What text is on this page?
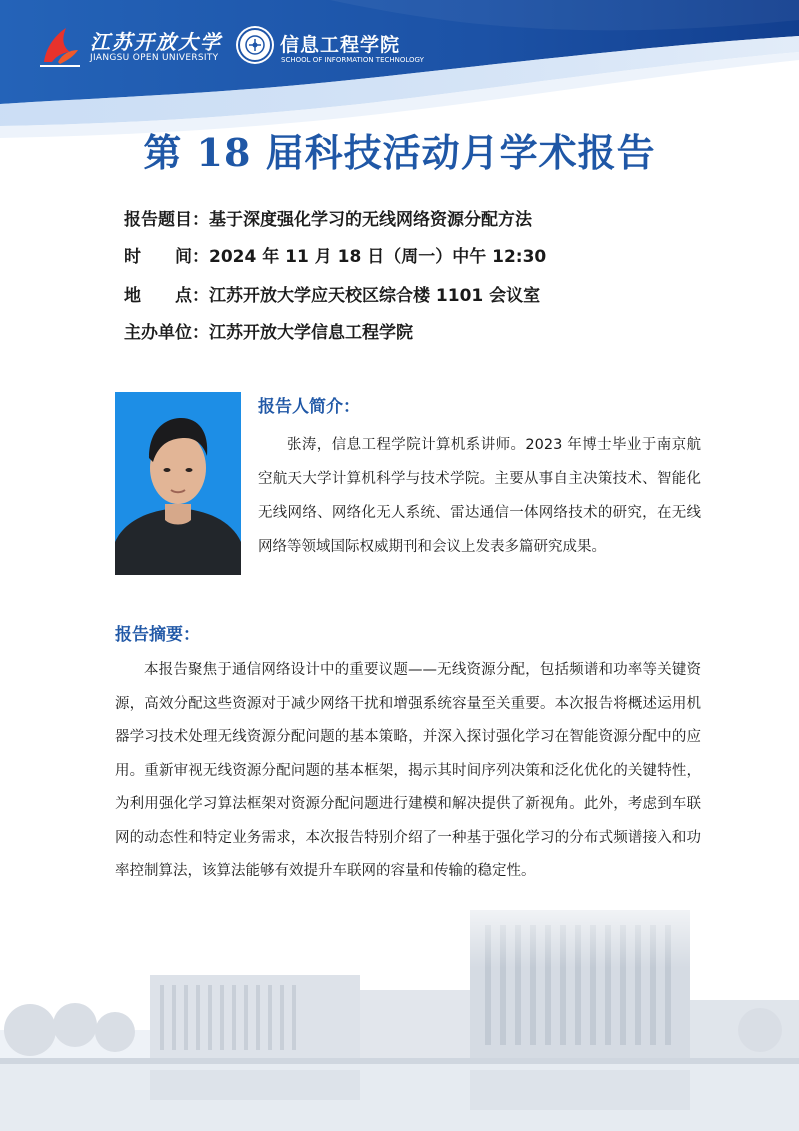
江苏开放大学
JIANGSU OPEN UNIVERSITY
信息工程学院
SCHOOL OF INFORMATION TECHNOLOGY
第 18 届科技活动月学术报告
报告题目：基于深度强化学习的无线网络资源分配方法
时　　间：2024 年 11 月 18 日（周一）中午 12:30
地　　点：江苏开放大学应天校区综合楼 1101 会议室
主办单位：江苏开放大学信息工程学院
报告人简介：

张涛，信息工程学院计算机系讲师。2023 年博士毕业于南京航空航天大学计算机科学与技术学院。主要从事自主决策技术、智能化无线网络、网络化无人系统、雷达通信一体网络技术的研究，在无线网络等领域国际权威期刊和会议上发表多篇研究成果。

报告摘要：

本报告聚焦于通信网络设计中的重要议题——无线资源分配，包括频谱和功率等关键资源，高效分配这些资源对于减少网络干扰和增强系统容量至关重要。本次报告将概述运用机器学习技术处理无线资源分配问题的基本策略，并深入探讨强化学习在智能资源分配中的应用。重新审视无线资源分配问题的基本框架，揭示其时间序列决策和泛化优化的关键特性，为利用强化学习算法框架对资源分配问题进行建模和解决提供了新视角。此外，考虑到车联网的动态性和特定业务需求，本次报告特别介绍了一种基于强化学习的分布式频谱接入和功率控制算法，该算法能够有效提升车联网的容量和传输的稳定性。
